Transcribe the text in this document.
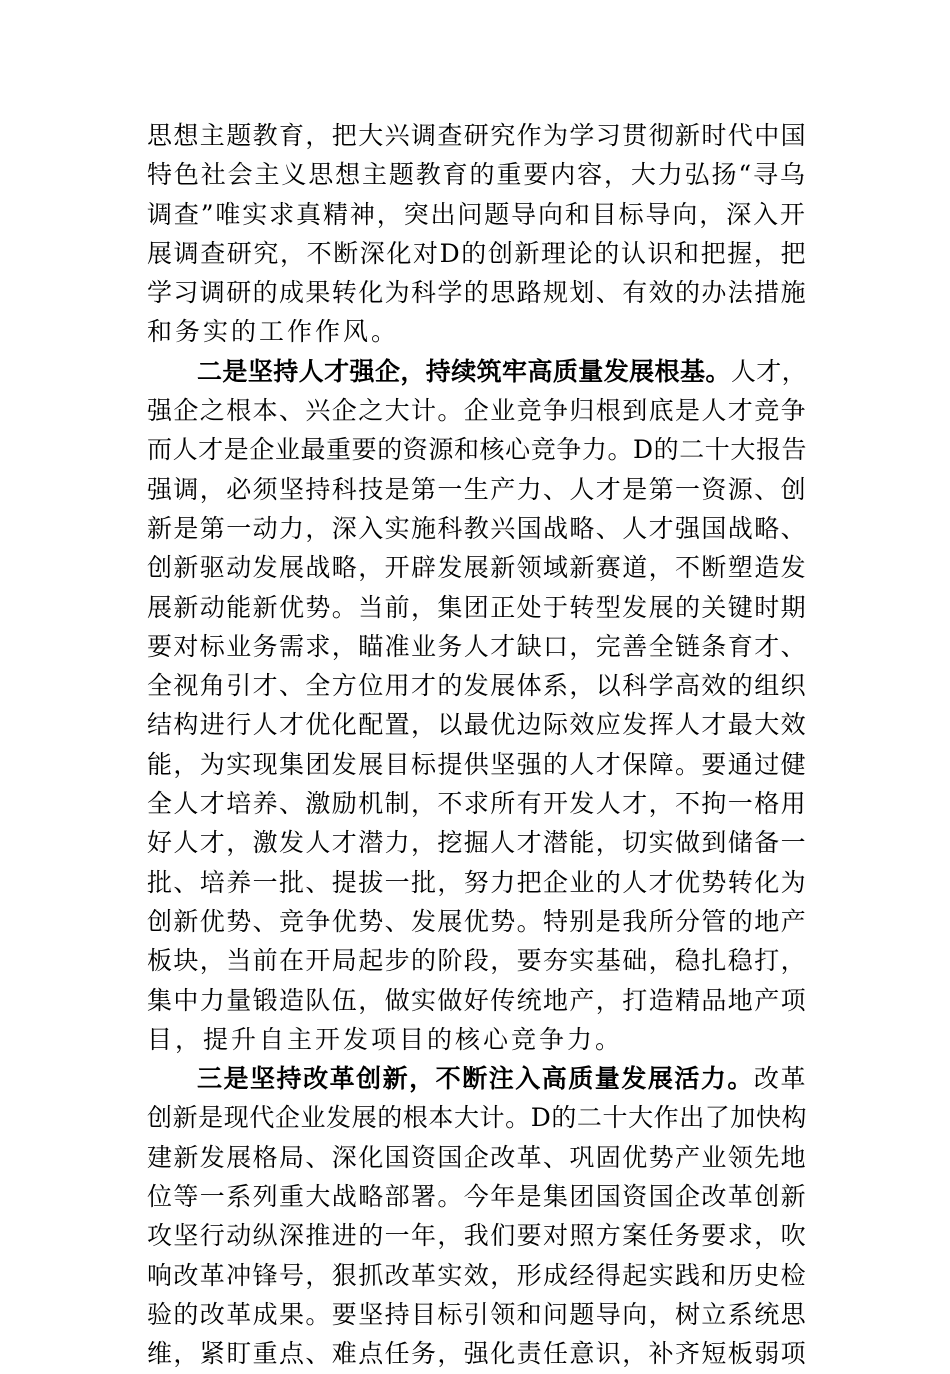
思想主题教育，把大兴调查研究作为学习贯彻新时代中国
特色社会主义思想主题教育的重要内容，大力弘扬“寻乌
调查”唯实求真精神，突出问题导向和目标导向，深入开
展调查研究，不断深化对D的创新理论的认识和把握，把
学习调研的成果转化为科学的思路规划、有效的办法措施
和务实的工作作风。
二是坚持人才强企，持续筑牢高质量发展根基。人才，
强企之根本、兴企之大计。企业竞争归根到底是人才竞争
而人才是企业最重要的资源和核心竞争力。D的二十大报告
强调，必须坚持科技是第一生产力、人才是第一资源、创
新是第一动力，深入实施科教兴国战略、人才强国战略、
创新驱动发展战略，开辟发展新领域新赛道，不断塑造发
展新动能新优势。当前，集团正处于转型发展的关键时期
要对标业务需求，瞄准业务人才缺口，完善全链条育才、
全视角引才、全方位用才的发展体系，以科学高效的组织
结构进行人才优化配置，以最优边际效应发挥人才最大效
能，为实现集团发展目标提供坚强的人才保障。要通过健
全人才培养、激励机制，不求所有开发人才，不拘一格用
好人才，激发人才潜力，挖掘人才潜能，切实做到储备一
批、培养一批、提拔一批，努力把企业的人才优势转化为
创新优势、竞争优势、发展优势。特别是我所分管的地产
板块，当前在开局起步的阶段，要夯实基础，稳扎稳打，
集中力量锻造队伍，做实做好传统地产，打造精品地产项
目，提升自主开发项目的核心竞争力。
三是坚持改革创新，不断注入高质量发展活力。改革
创新是现代企业发展的根本大计。D的二十大作出了加快构
建新发展格局、深化国资国企改革、巩固优势产业领先地
位等一系列重大战略部署。今年是集团国资国企改革创新
攻坚行动纵深推进的一年，我们要对照方案任务要求，吹
响改革冲锋号，狠抓改革实效，形成经得起实践和历史检
验的改革成果。要坚持目标引领和问题导向，树立系统思
维，紧盯重点、难点任务，强化责任意识，补齐短板弱项
